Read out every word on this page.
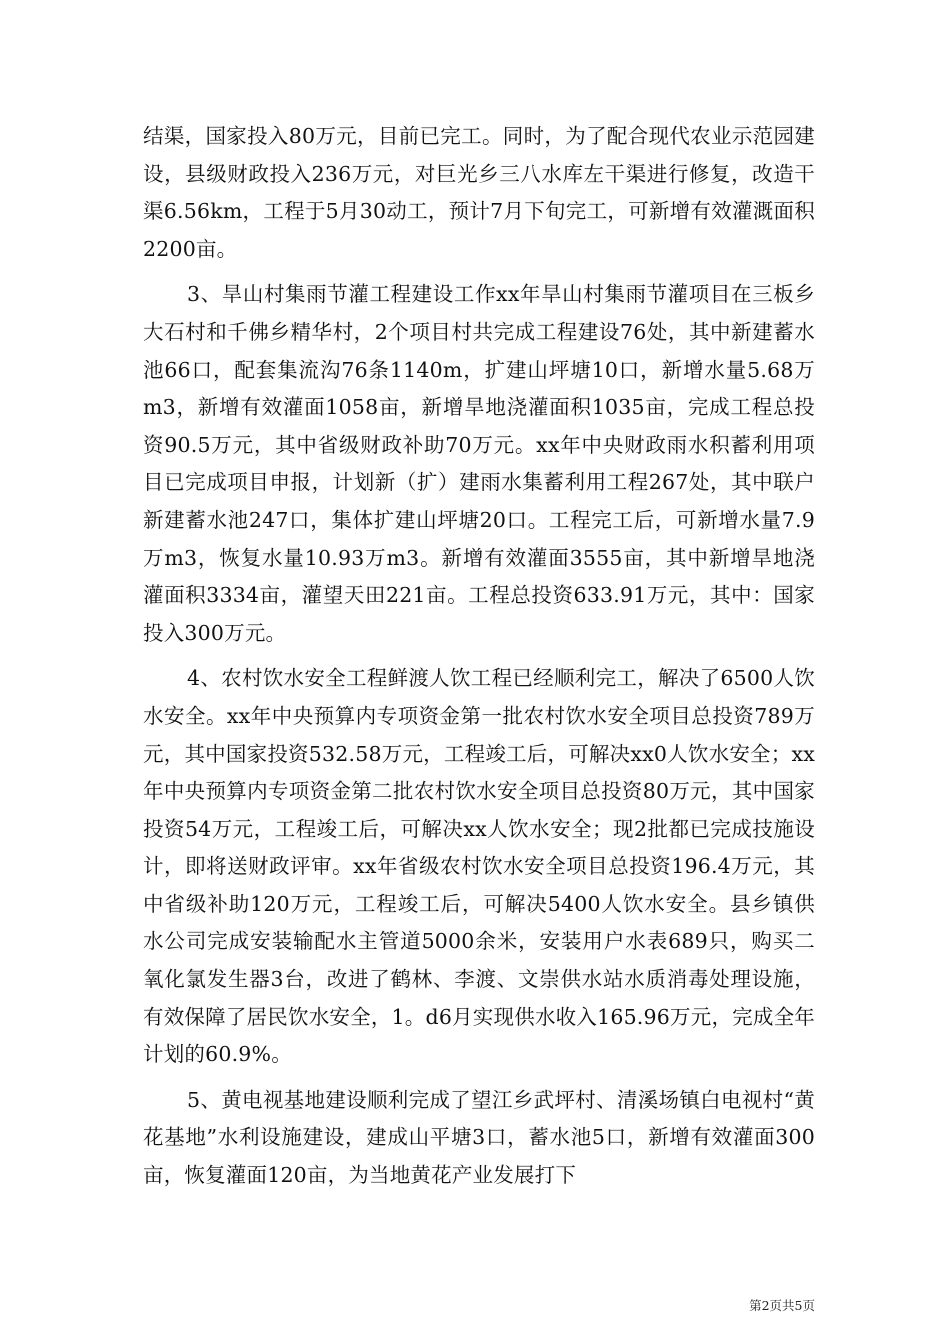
结渠，国家投入80万元，目前已完工。同时，为了配合现代农业示范园建设，县级财政投入236万元，对巨光乡三八水库左干渠进行修复，改造干渠6.56km，工程于5月30动工，预计7月下旬完工，可新增有效灌溉面积2200亩。

3、旱山村集雨节灌工程建设工作xx年旱山村集雨节灌项目在三板乡大石村和千佛乡精华村，2个项目村共完成工程建设76处，其中新建蓄水池66口，配套集流沟76条1140m，扩建山坪塘10口，新增水量5.68万m3，新增有效灌面1058亩，新增旱地浇灌面积1035亩，完成工程总投资90.5万元，其中省级财政补助70万元。xx年中央财政雨水积蓄利用项目已完成项目申报，计划新（扩）建雨水集蓄利用工程267处，其中联户新建蓄水池247口，集体扩建山坪塘20口。工程完工后，可新增水量7.9万m3，恢复水量10.93万m3。新增有效灌面3555亩，其中新增旱地浇灌面积3334亩，灌望天田221亩。工程总投资633.91万元，其中：国家投入300万元。

4、农村饮水安全工程鲜渡人饮工程已经顺利完工，解决了6500人饮水安全。xx年中央预算内专项资金第一批农村饮水安全项目总投资789万元，其中国家投资532.58万元，工程竣工后，可解决xx0人饮水安全；xx年中央预算内专项资金第二批农村饮水安全项目总投资80万元，其中国家投资54万元，工程竣工后，可解决xx人饮水安全；现2批都已完成技施设计，即将送财政评审。xx年省级农村饮水安全项目总投资196.4万元，其中省级补助120万元，工程竣工后，可解决5400人饮水安全。县乡镇供水公司完成安装输配水主管道5000余米，安装用户水表689只，购买二氧化氯发生器3台，改进了鹤林、李渡、文崇供水站水质消毒处理设施，有效保障了居民饮水安全，1。d6月实现供水收入165.96万元，完成全年计划的60.9%。

5、黄电视基地建设顺利完成了望江乡武坪村、清溪场镇白电视村“黄花基地”水利设施建设，建成山平塘3口，蓄水池5口，新增有效灌面300亩，恢复灌面120亩，为当地黄花产业发展打下

第2页共5页
